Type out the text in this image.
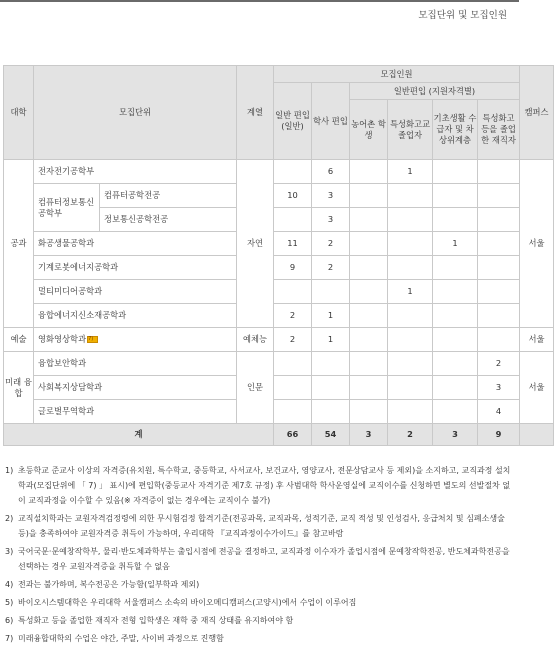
모집단위 및 모집인원
대학	모집단위		계열	모집인원						캠퍼스
				일반 편입 (일반)	학사 편입	일반편입 (지원자격별)				
						농어촌 학생	특성화고교 졸업자	기초생활 수급자 및 차상위계층	특성화고 등을 졸업한 재직자	
공과	전자전기공학부		자연		6		1			서울
	컴퓨터정보통신공학부	컴퓨터공학전공		10	3					
		정보통신공학전공			3					
	화공생물공학과			11	2			1		
	기계로봇에너지공학과			9	2					
	멀티미디어공학과						1			
	융합에너지신소재공학과			2	1					
예술	영화영상학과 7)		예체능	2	1					서울
미래 융합	융합보안학과		인문						2	서울
	사회복지상담학과								3	
	글로벌무역학과								4	
계				66	54	3	2	3	9	
1) 초등학교 준교사 이상의 자격증(유치원, 특수학교, 중등학교, 사서교사, 보건교사, 영양교사, 전문상담교사 등 제외)을 소지하고, 교직과정 설치학과(모집단위에 「 7) 」 표시)에 편입학(중등교사 자격기준 제7호 규정) 후 사범대학 학사운영실에 교직이수를 신청하면 별도의 선발절차 없이 교직과정을 이수할 수 있음(※ 자격증이 없는 경우에는 교직이수 불가)
2) 교직설치학과는 교원자격검정령에 의한 무시험검정 합격기준(전공과목, 교직과목, 성적기준, 교직 적성 및 인성검사, 응급처치 및 심폐소생술 등)을 충족하여야 교원자격증 취득이 가능하며, 우리대학 『교직과정이수가이드』를 참고바람
3) 국어국문·문예창작학부, 물리·반도체과학부는 출입시점에 전공을 결정하고, 교직과정 이수자가 졸업시점에 문예창작학전공, 반도체과학전공을 선택하는 경우 교원자격증을 취득할 수 없음
4) 전과는 불가하며, 복수전공은 가능함(일부학과 제외)
5) 바이오시스템대학은 우리대학 서울캠퍼스 소속의 바이오메디캠퍼스(고양시)에서 수업이 이루어짐
6) 특성화고 등을 졸업한 재직자 전형 입학생은 재학 중 재직 상태를 유지하여야 함
7) 미래융합대학의 수업은 야간, 주말, 사이버 과정으로 진행함
